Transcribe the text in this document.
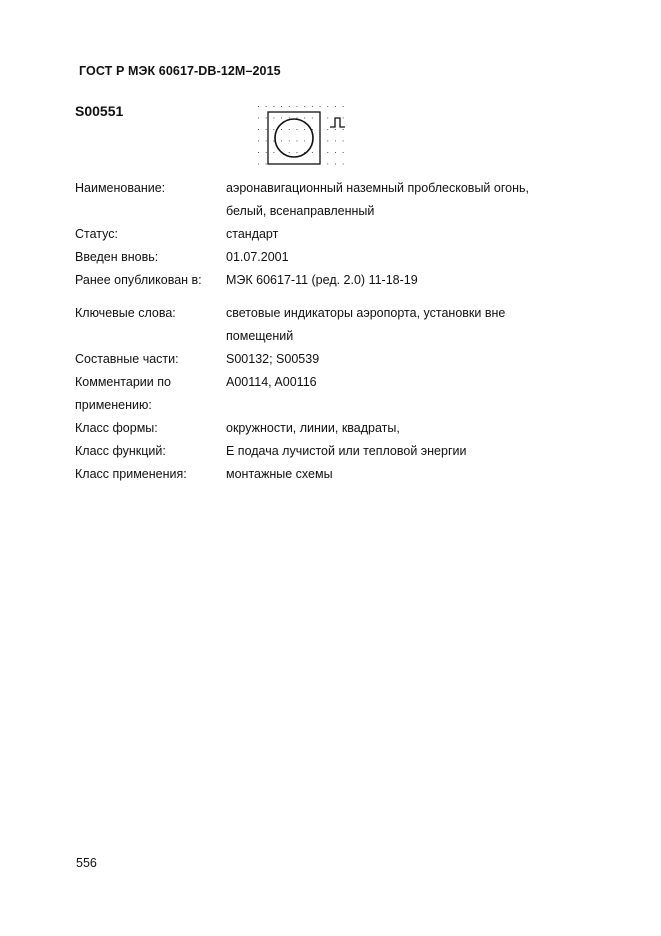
ГОСТ Р МЭК 60617-DB-12M–2015
S00551
Наименование:	аэронавигационный наземный проблесковый огонь,
белый, всенаправленный
Статус:	стандарт
Введен вновь:	01.07.2001
Ранее опубликован в:	МЭК 60617-11 (ред. 2.0) 11-18-19
Ключевые слова:	световые индикаторы аэропорта, установки вне
помещений
Составные части:	S00132; S00539
Комментарии по	A00114, A00116
применению:
Класс формы:	окружности, линии, квадраты,
Класс функций:	E подача лучистой или тепловой энергии
Класс применения:	монтажные схемы
556
